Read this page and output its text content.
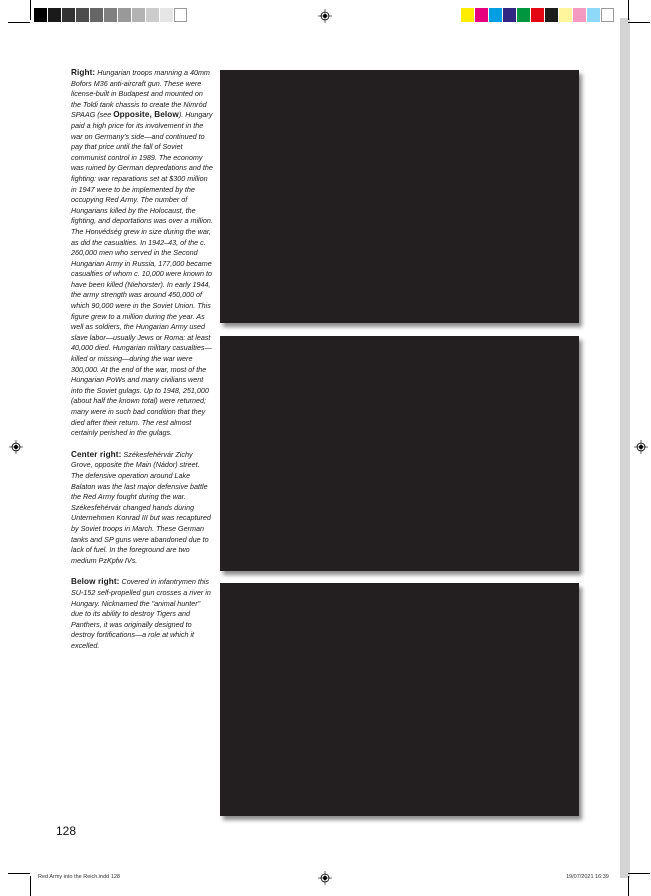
Right: Hungarian troops manning a 40mm Bofors M36 anti-aircraft gun. These were license-built in Budapest and mounted on the Toldi tank chassis to create the Nimród SPAAG (see Opposite, Below). Hungary paid a high price for its involvement in the war on Germany's side—and continued to pay that price until the fall of Soviet communist control in 1989. The economy was ruined by German depredations and the fighting: war reparations set at $300 million in 1947 were to be implemented by the occupying Red Army. The number of Hungarians killed by the Holocaust, the fighting, and deportations was over a million. The Honvédség grew in size during the war, as did the casualties. In 1942–43, of the c. 260,000 men who served in the Second Hungarian Army in Russia, 177,000 became casualties of whom c. 10,000 were known to have been killed (Niehorster). In early 1944, the army strength was around 450,000 of which 90,000 were in the Soviet Union. This figure grew to a million during the year. As well as soldiers, the Hungarian Army used slave labor—usually Jews or Roma: at least 40,000 died. Hungarian military casualties—killed or missing—during the war were 300,000. At the end of the war, most of the Hungarian PoWs and many civilians went into the Soviet gulags. Up to 1948, 251,000 (about half the known total) were returned; many were in such bad condition that they died after their return. The rest almost certainly perished in the gulags.

Center right: Székesfehérvár Zichy Grove, opposite the Main (Nádor) street. The defensive operation around Lake Balaton was the last major defensive battle the Red Army fought during the war. Székesfehérvár changed hands during Unternehmen Konrad III but was recaptured by Soviet troops in March. These German tanks and SP guns were abandoned due to lack of fuel. In the foreground are two medium PzKpfw IVs.

Below right: Covered in infantrymen this SU-152 self-propelled gun crosses a river in Hungary. Nicknamed the "animal hunter" due to its ability to destroy Tigers and Panthers, it was originally designed to destroy fortifications—a role at which it excelled.

128
Red Army into the Reich.indd 128	19/07/2021 16:39
